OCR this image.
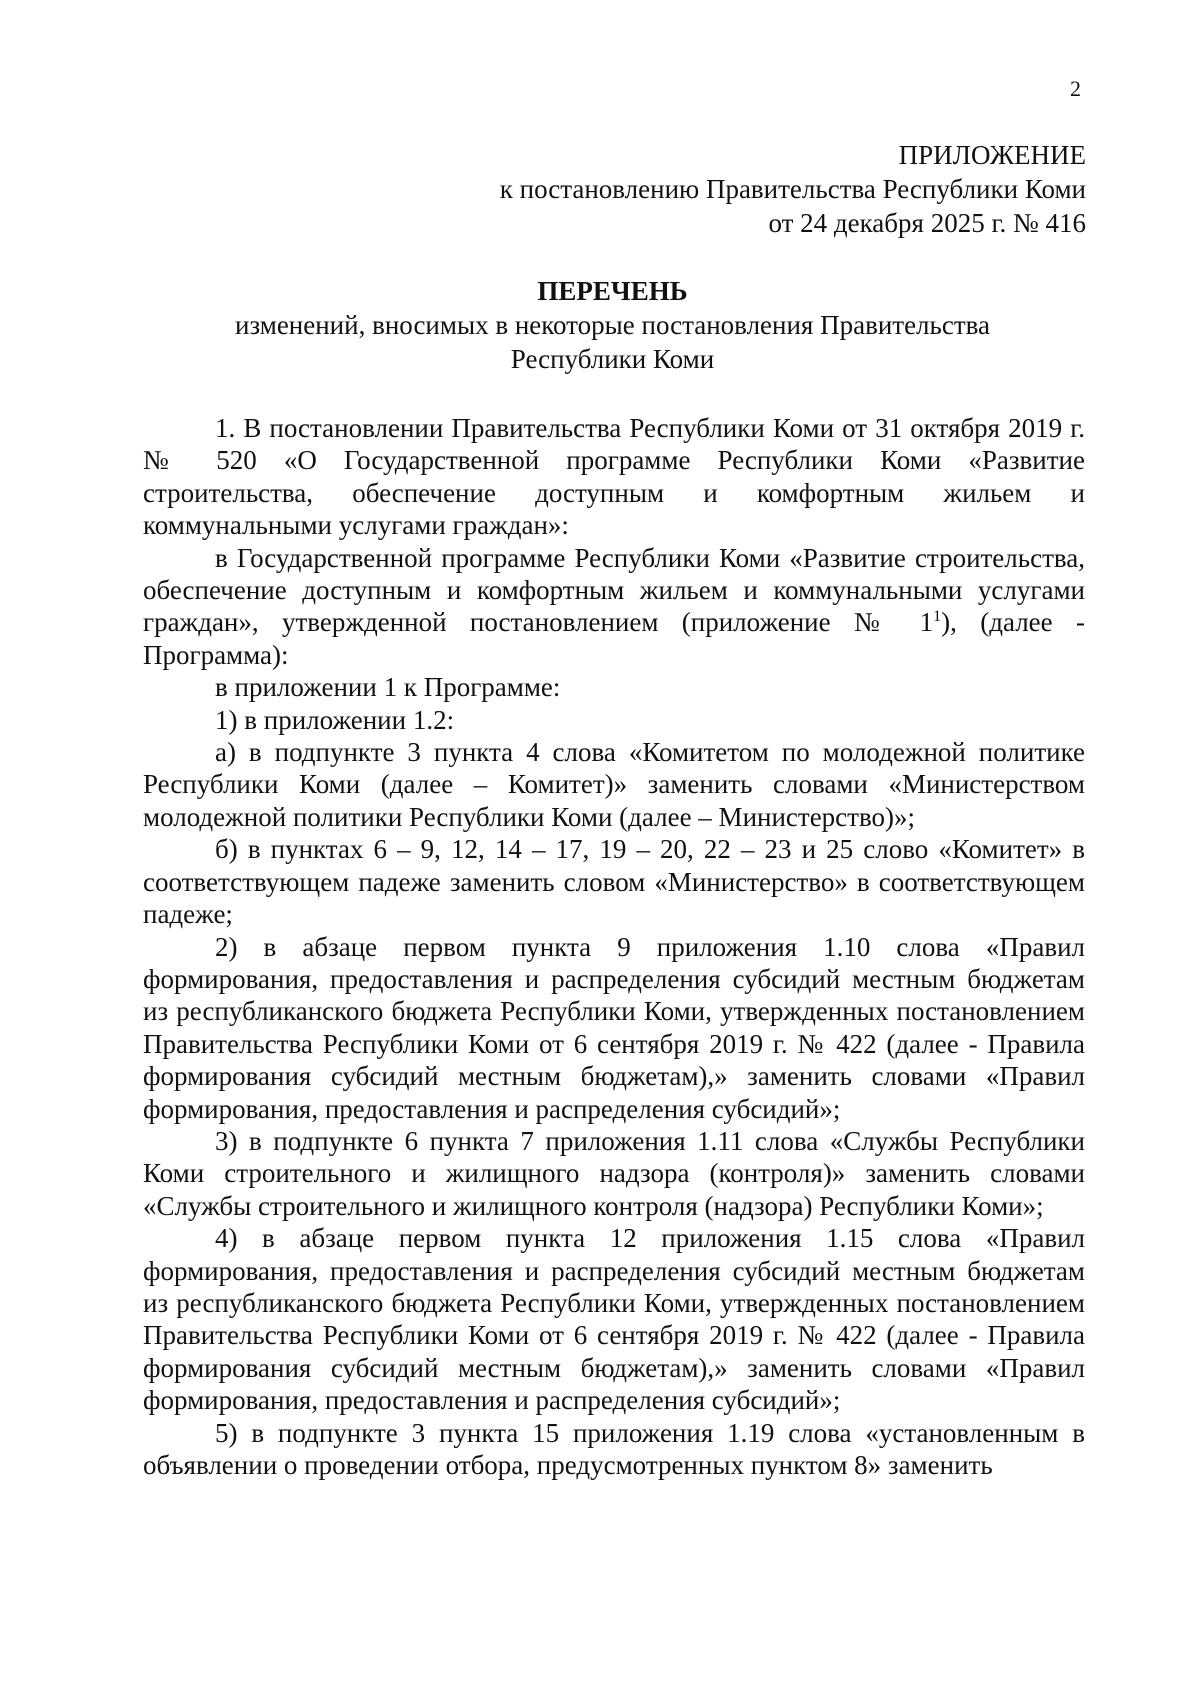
2
ПРИЛОЖЕНИЕ
к постановлению Правительства Республики Коми
от 24 декабря 2025 г. № 416
ПЕРЕЧЕНЬ
изменений, вносимых в некоторые постановления Правительства
Республики Коми

1. В постановлении Правительства Республики Коми от 31 октября 2019 г. № 520 «О Государственной программе Республики Коми «Развитие строительства, обеспечение доступным и комфортным жильем и коммунальными услугами граждан»:

в Государственной программе Республики Коми «Развитие строительства, обеспечение доступным и комфортным жильем и коммунальными услугами граждан», утвержденной постановлением (приложение № $1^1$), (далее - Программа):

в приложении 1 к Программе:

1) в приложении 1.2:

а) в подпункте 3 пункта 4 слова «Комитетом по молодежной политике Республики Коми (далее – Комитет)» заменить словами «Министерством молодежной политики Республики Коми (далее – Министерство)»;

б) в пунктах 6 – 9, 12, 14 – 17, 19 – 20, 22 – 23 и 25 слово «Комитет» в соответствующем падеже заменить словом «Министерство» в соответствующем падеже;

2) в абзаце первом пункта 9 приложения 1.10 слова «Правил формирования, предоставления и распределения субсидий местным бюджетам из республиканского бюджета Республики Коми, утвержденных постановлением Правительства Республики Коми от 6 сентября 2019 г. № 422 (далее - Правила формирования субсидий местным бюджетам),» заменить словами «Правил формирования, предоставления и распределения субсидий»;

3) в подпункте 6 пункта 7 приложения 1.11 слова «Службы Республики Коми строительного и жилищного надзора (контроля)» заменить словами «Службы строительного и жилищного контроля (надзора) Республики Коми»;

4) в абзаце первом пункта 12 приложения 1.15 слова «Правил формирования, предоставления и распределения субсидий местным бюджетам из республиканского бюджета Республики Коми, утвержденных постановлением Правительства Республики Коми от 6 сентября 2019 г. № 422 (далее - Правила формирования субсидий местным бюджетам),» заменить словами «Правил формирования, предоставления и распределения субсидий»;

5) в подпункте 3 пункта 15 приложения 1.19 слова «установленным в объявлении о проведении отбора, предусмотренных пунктом 8» заменить
